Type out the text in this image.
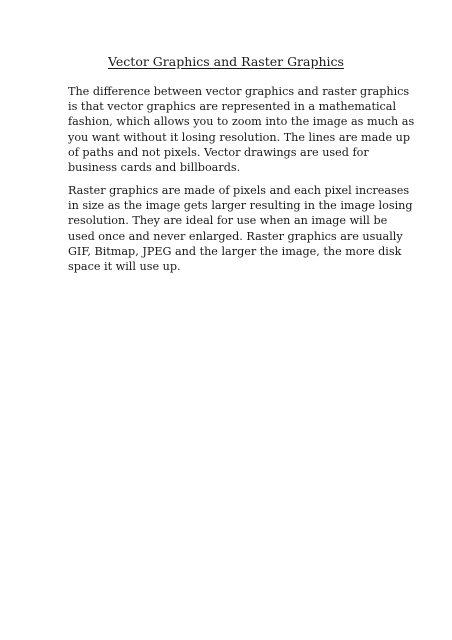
Vector Graphics and Raster Graphics

The difference between vector graphics and raster graphics
is that vector graphics are represented in a mathematical
fashion, which allows you to zoom into the image as much as
you want without it losing resolution. The lines are made up
of paths and not pixels. Vector drawings are used for
business cards and billboards.

Raster graphics are made of pixels and each pixel increases
in size as the image gets larger resulting in the image losing
resolution. They are ideal for use when an image will be
used once and never enlarged. Raster graphics are usually
GIF, Bitmap, JPEG and the larger the image, the more disk
space it will use up.
